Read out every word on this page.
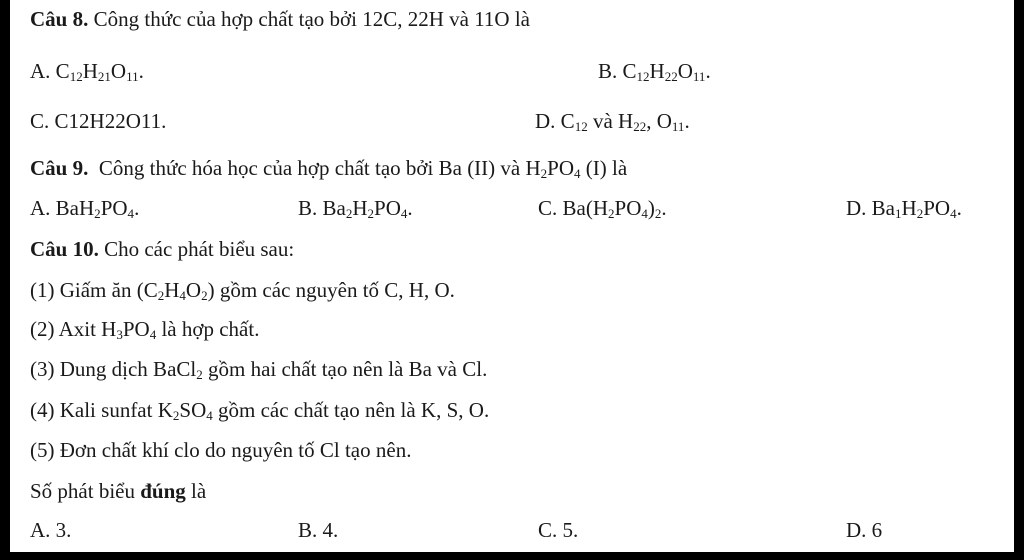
Câu 8. Công thức của hợp chất tạo bởi 12C, 22H và 11O là
A. $C_{12}H_{21}O_{11}$.	B. $C_{12}H_{22}O_{11}$.
C. C12H22O11.	D. $C_{12}$ và $H_{22}$, $O_{11}$.
Câu 9. Công thức hóa học của hợp chất tạo bởi Ba (II) và $H_2PO_4$ (I) là
A. $BaH_2PO_4$.	B. $Ba_2H_2PO_4$.	C. $Ba(H_2PO_4)_2$.	D. $Ba_1H_2PO_4$.
Câu 10. Cho các phát biểu sau:
(1) Giấm ăn $(C_2H_4O_2)$ gồm các nguyên tố C, H, O.
(2) Axit $H_3PO_4$ là hợp chất.
(3) Dung dịch BaCl$_2$ gồm hai chất tạo nên là Ba và Cl.
(4) Kali sunfat $K_2SO_4$ gồm các chất tạo nên là K, S, O.
(5) Đơn chất khí clo do nguyên tố Cl tạo nên.
Số phát biểu đúng là
A. 3.	B. 4.	C. 5.	D. 6
